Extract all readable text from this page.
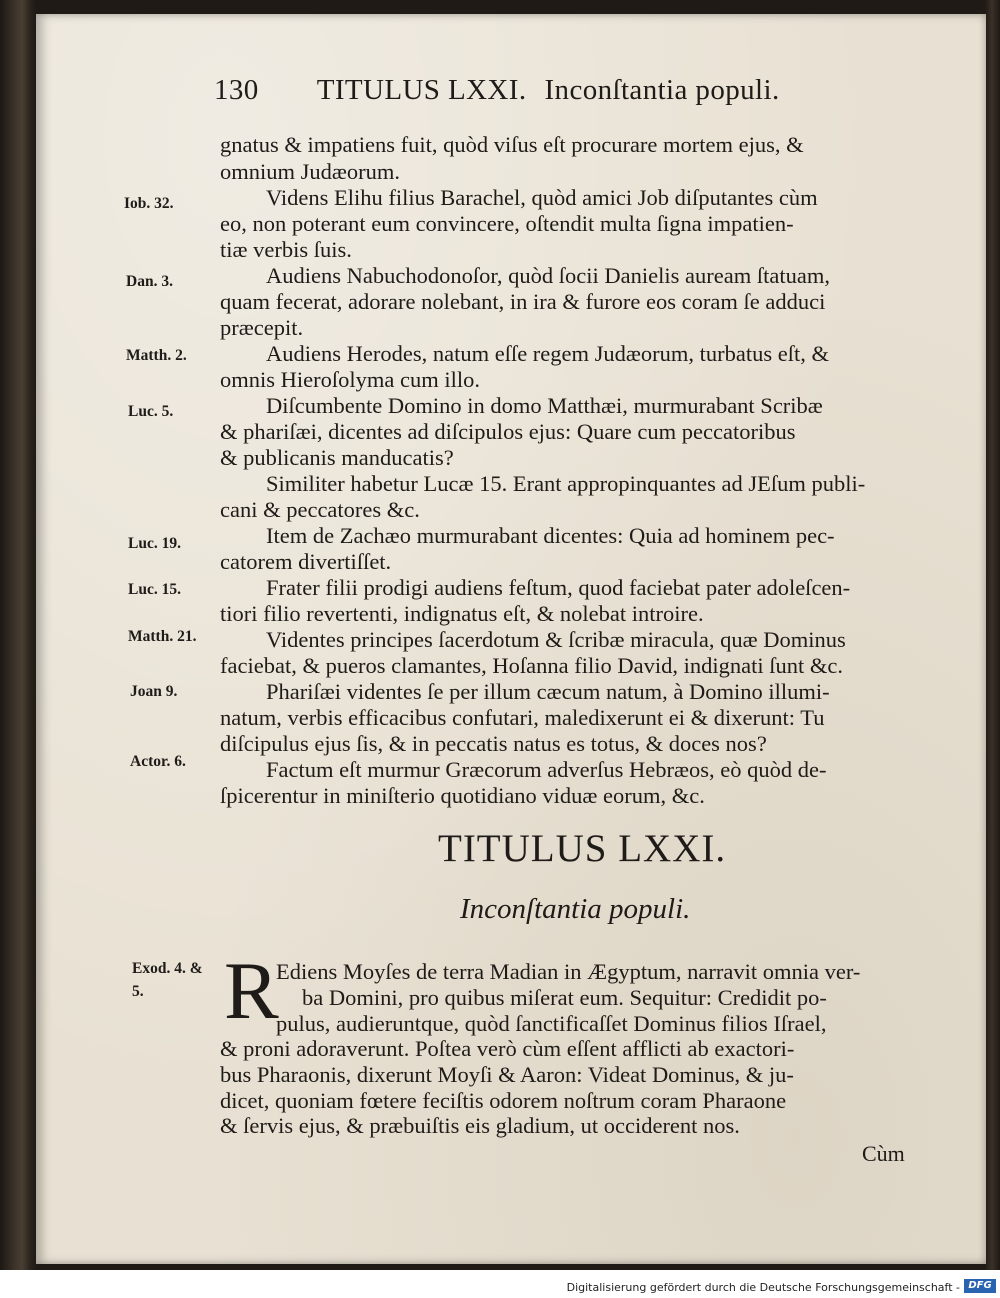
130 TITULUS LXXI. Inconſtantia populi.
gnatus & impatiens fuit, quòd viſus eſt procurare mortem ejus, &
omnium Judæorum.
Videns Elihu filius Barachel, quòd amici Job diſputantes cùm
eo, non poterant eum convincere, oſtendit multa ſigna impatien-
tiæ verbis ſuis.
Audiens Nabuchodonoſor, quòd ſocii Danielis auream ſtatuam,
quam fecerat, adorare nolebant, in ira & furore eos coram ſe adduci
præcepit.
Audiens Herodes, natum eſſe regem Judæorum, turbatus eſt, &
omnis Hieroſolyma cum illo.
Diſcumbente Domino in domo Matthæi, murmurabant Scribæ
& phariſæi, dicentes ad diſcipulos ejus: Quare cum peccatoribus
& publicanis manducatis?
Similiter habetur Lucæ 15. Erant appropinquantes ad JEſum publi-
cani & peccatores &c.
Item de Zachæo murmurabant dicentes: Quia ad hominem pec-
catorem divertiſſet.
Frater filii prodigi audiens feſtum, quod faciebat pater adoleſcen-
tiori filio revertenti, indignatus eſt, & nolebat introire.
Videntes principes ſacerdotum & ſcribæ miracula, quæ Dominus
faciebat, & pueros clamantes, Hoſanna filio David, indignati ſunt &c.
Phariſæi videntes ſe per illum cæcum natum, à Domino illumi-
natum, verbis efficacibus confutari, maledixerunt ei & dixerunt: Tu
diſcipulus ejus ſis, & in peccatis natus es totus, & doces nos?
Factum eſt murmur Græcorum adverſus Hebræos, eò quòd de-
ſpicerentur in miniſterio quotidiano viduæ eorum, &c.
Iob. 32.
Dan. 3.
Matth. 2.
Luc. 5.
Luc. 19.
Luc. 15.
Matth. 21.
Joan 9.
Actor. 6.
Exod. 4. &
5.
TITULUS LXXI.
Inconſtantia populi.
R
Ediens Moyſes de terra Madian in Ægyptum, narravit omnia ver-
ba Domini, pro quibus miſerat eum. Sequitur: Credidit po-
pulus, audieruntque, quòd ſanctificaſſet Dominus filios Iſrael,
& proni adoraverunt. Poſtea verò cùm eſſent afflicti ab exactori-
bus Pharaonis, dixerunt Moyſi & Aaron: Videat Dominus, & ju-
dicet, quoniam fœtere feciſtis odorem noſtrum coram Pharaone
& ſervis ejus, & præbuiſtis eis gladium, ut occiderent nos.
Cùm
Digitalisierung gefördert durch die Deutsche Forschungsgemeinschaft - DFG
